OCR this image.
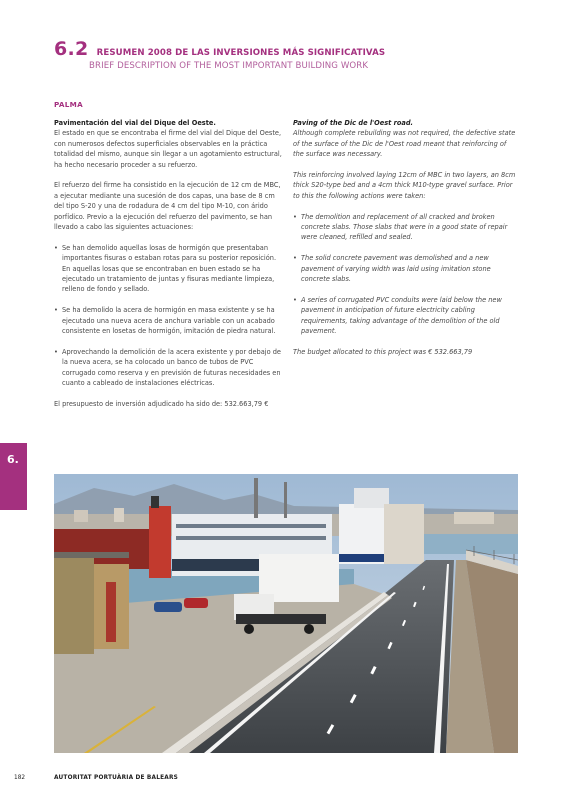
6.2 RESUMEN 2008 DE LAS INVERSIONES MÁS SIGNIFICATIVAS
BRIEF DESCRIPTION OF THE MOST IMPORTANT BUILDING WORK
PALMA
Pavimentación del vial del Dique del Oeste.

El estado en que se encontraba el firme del vial del Dique del Oeste, con numerosos defectos superficiales observables en la práctica totalidad del mismo, aunque sin llegar a un agotamiento estructural, ha hecho necesario proceder a su refuerzo.

El refuerzo del firme ha consistido en la ejecución de 12 cm de MBC, a ejecutar mediante una sucesión de dos capas, una base de 8 cm del tipo S-20 y una de rodadura de 4 cm del tipo M-10, con árido porfídico. Previo a la ejecución del refuerzo del pavimento, se han llevado a cabo las siguientes actuaciones:

• Se han demolido aquellas losas de hormigón que presentaban importantes fisuras o estaban rotas para su posterior reposición. En aquellas losas que se encontraban en buen estado se ha ejecutado un tratamiento de juntas y fisuras mediante limpieza, relleno de fondo y sellado.
• Se ha demolido la acera de hormigón en masa existente y se ha ejecutado una nueva acera de anchura variable con un acabado consistente en losetas de hormigón, imitación de piedra natural.
• Aprovechando la demolición de la acera existente y por debajo de la nueva acera, se ha colocado un banco de tubos de PVC corrugado como reserva y en previsión de futuras necesidades en cuanto a cableado de instalaciones eléctricas.

El presupuesto de inversión adjudicado ha sido de: 532.663,79 €

Paving of the Dic de l'Oest road.

Although complete rebuilding was not required, the defective state of the surface of the Dic de l'Oest road meant that reinforcing of the surface was necessary.

This reinforcing involved laying 12cm of MBC in two layers, an 8cm thick S20-type bed and a 4cm thick M10-type gravel surface. Prior to this the following actions were taken:

• The demolition and replacement of all cracked and broken concrete slabs. Those slabs that were in a good state of repair were cleaned, refilled and sealed.
• The solid concrete pavement was demolished and a new pavement of varying width was laid using imitation stone concrete slabs.
• A series of corrugated PVC conduits were laid below the new pavement in anticipation of future electricity cabling requirements, taking advantage of the demolition of the old pavement.

The budget allocated to this project was € 532.663,79

6.
182	AUTORITAT PORTUÀRIA DE BALEARS
